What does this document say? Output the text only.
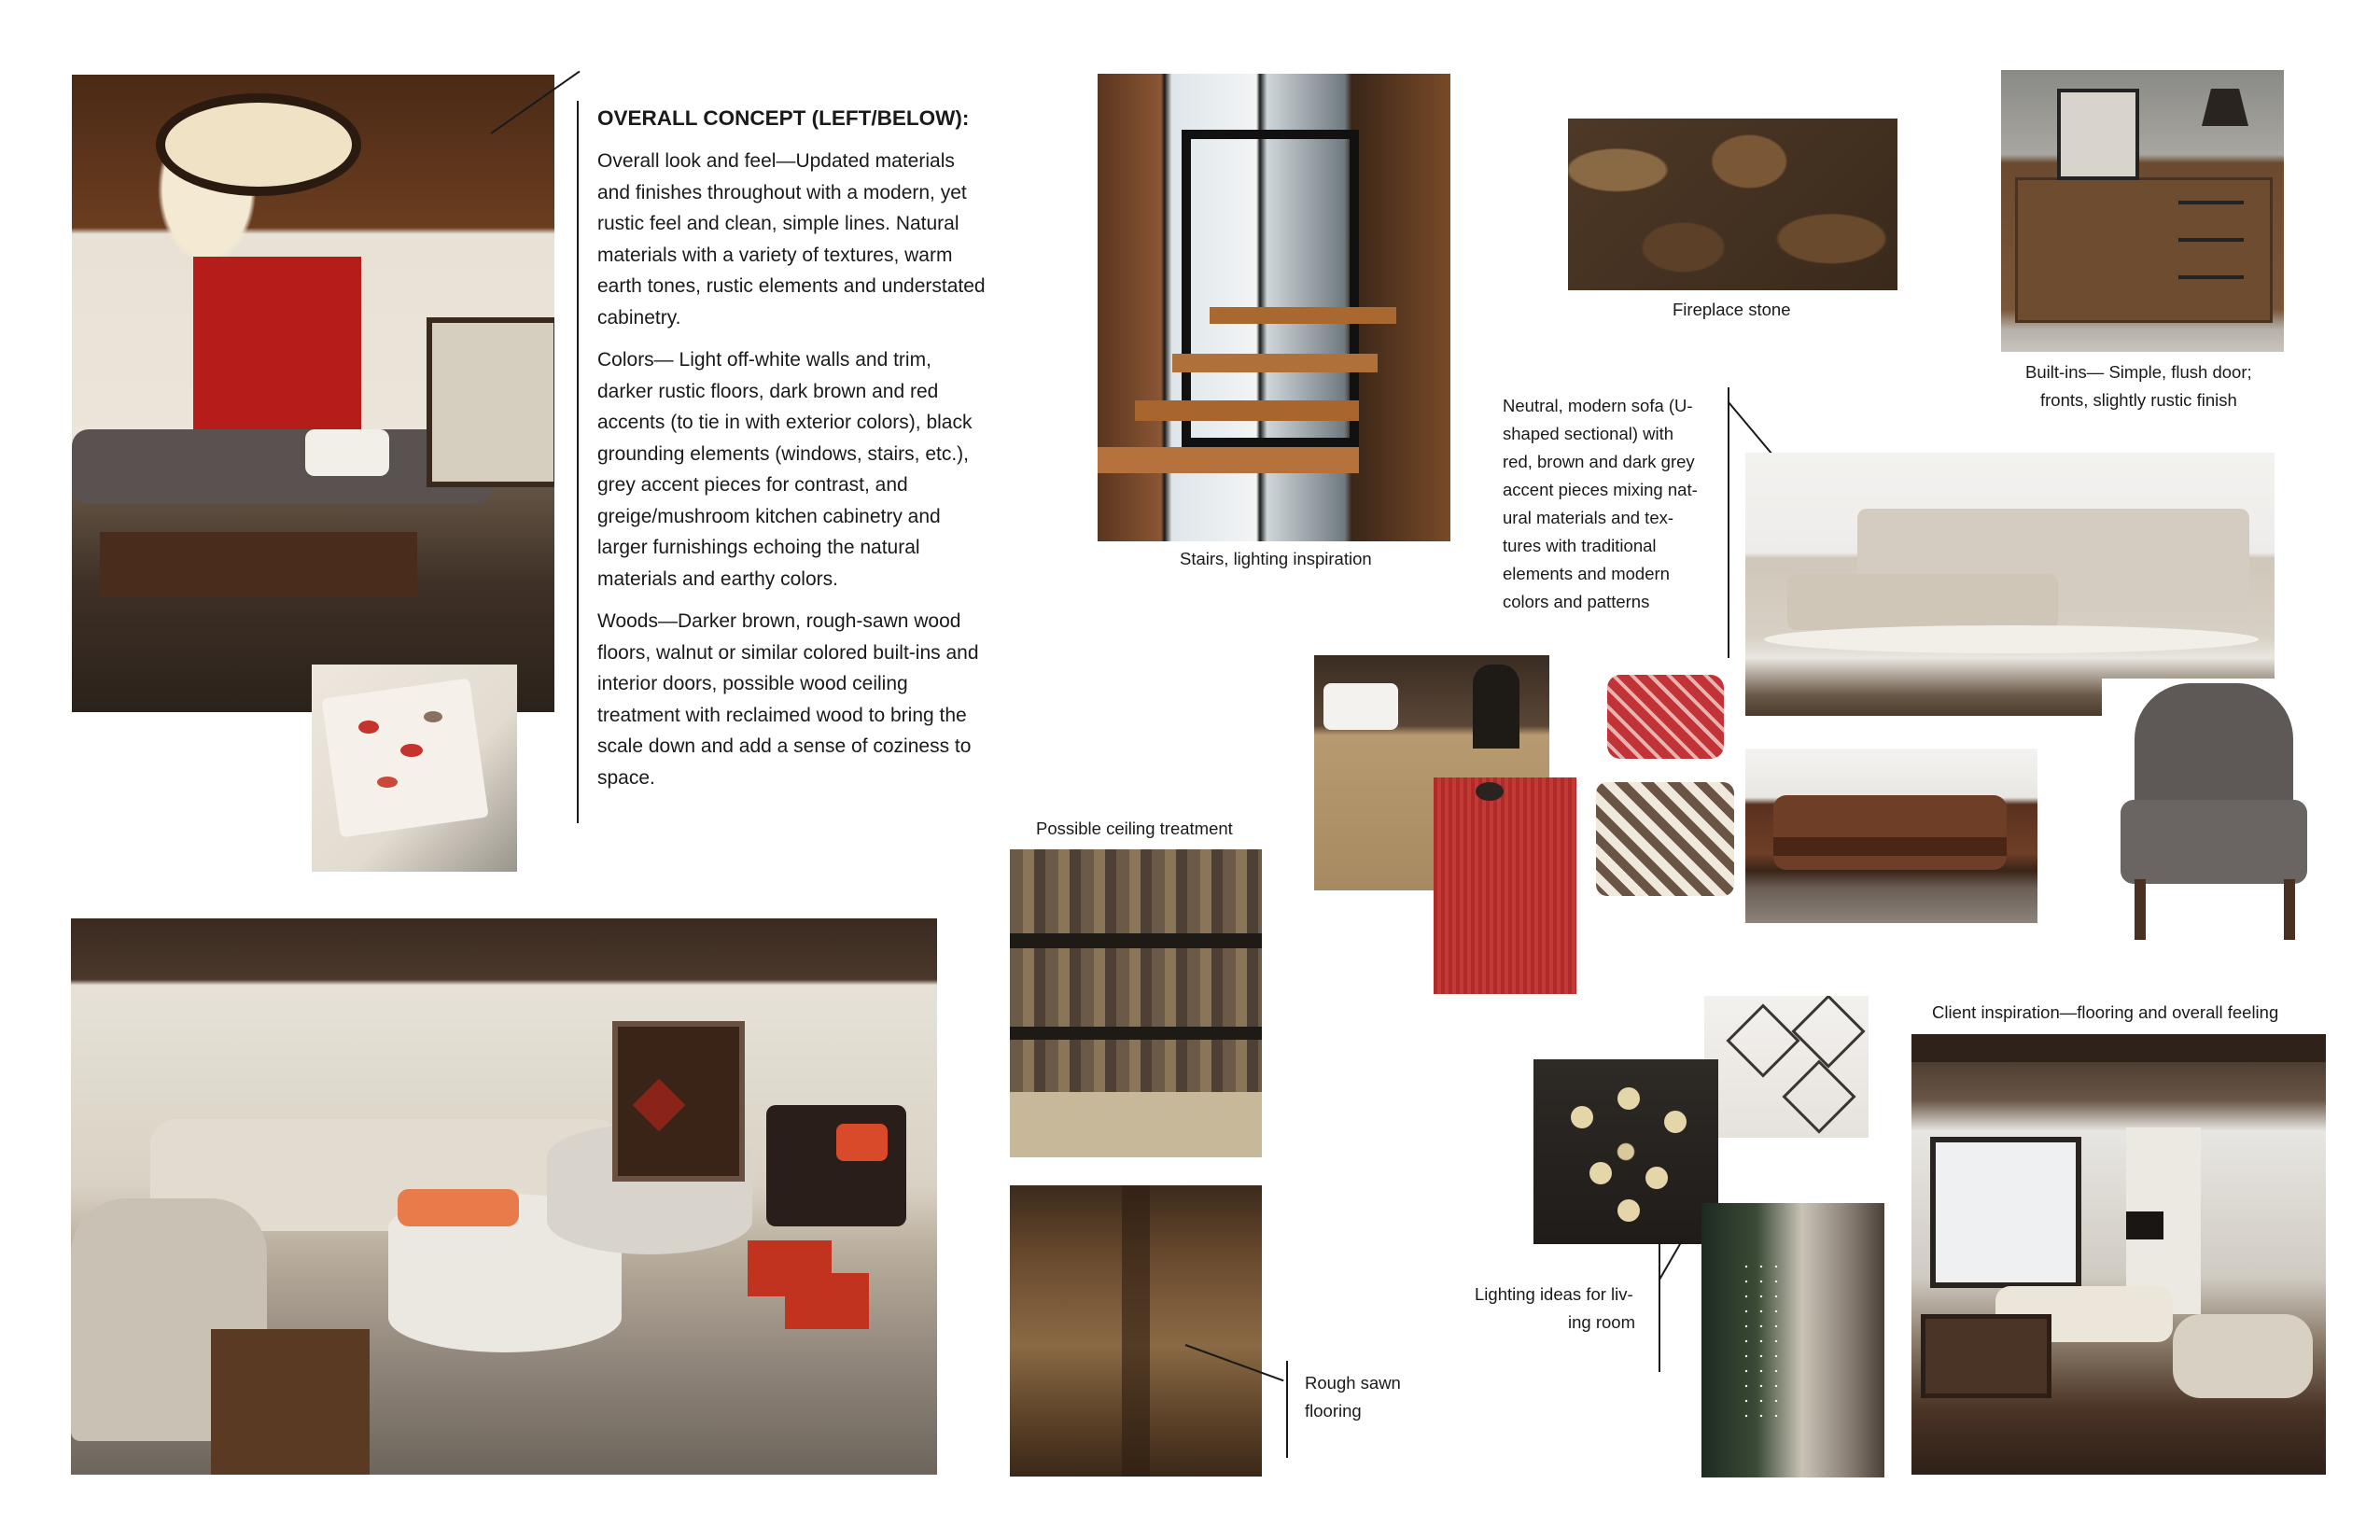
OVERALL CONCEPT (LEFT/BELOW):

Overall look and feel—Updated materials and finishes throughout with a modern, yet rustic feel and clean, simple lines. Natural materials with a variety of textures, warm earth tones, rustic elements and understated cabinetry.

Colors— Light off-white walls and trim, darker rustic floors, dark brown and red accents (to tie in with exterior colors), black grounding elements (windows, stairs, etc.), grey accent pieces for contrast, and greige/mushroom kitchen cabinetry and larger furnishings echoing the natural materials and earthy colors.

Woods—Darker brown, rough-sawn wood floors, walnut or similar colored built-ins and interior doors, possible wood ceiling treatment with reclaimed wood to bring the scale down and add a sense of coziness to space.

Stairs, lighting inspiration
Possible ceiling treatment
Rough sawn
flooring
Fireplace stone
Built-ins— Simple, flush door;
fronts, slightly rustic finish
Neutral, modern sofa (U-
shaped sectional) with
red, brown and dark grey
accent pieces mixing nat-
ural materials and tex-
tures with traditional
elements and modern
colors and patterns
Lighting ideas for liv-
ing room
Client inspiration—flooring and overall feeling
